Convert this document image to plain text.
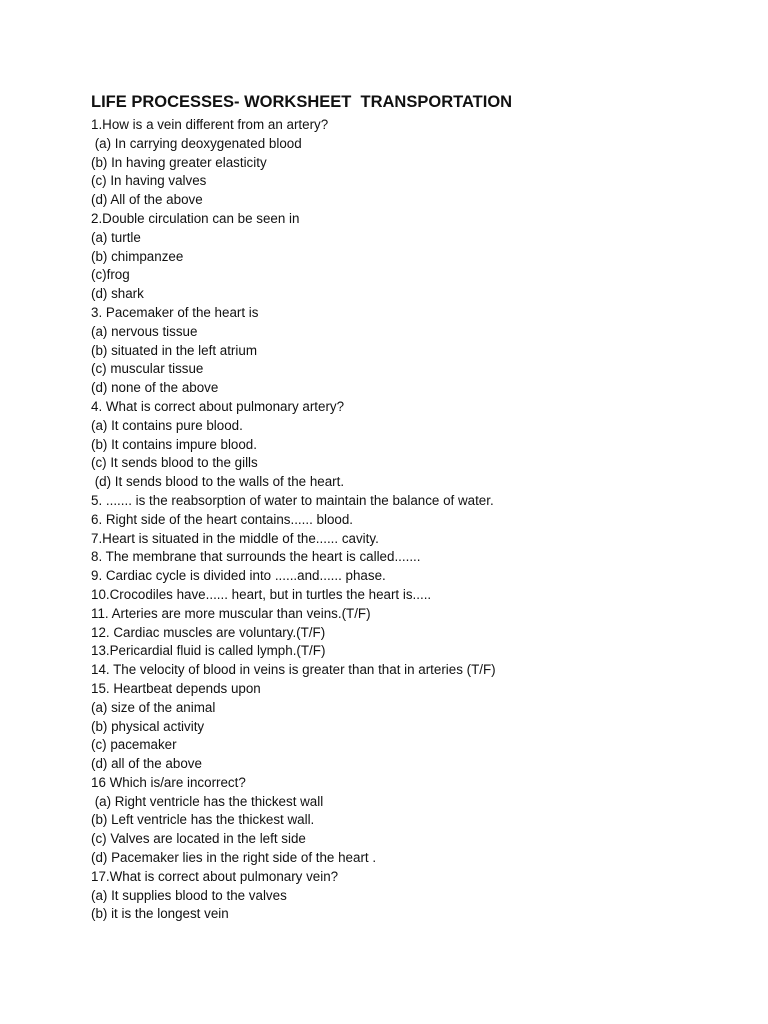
LIFE PROCESSES- WORKSHEET  TRANSPORTATION
1.How is a vein different from an artery?
(a) In carrying deoxygenated blood
(b) In having greater elasticity
(c) In having valves
(d) All of the above
2.Double circulation can be seen in
(a) turtle
(b) chimpanzee
(c)frog
(d) shark
3. Pacemaker of the heart is
(a) nervous tissue
(b) situated in the left atrium
(c) muscular tissue
(d) none of the above
4. What is correct about pulmonary artery?
(a) It contains pure blood.
(b) It contains impure blood.
(c) It sends blood to the gills
(d) It sends blood to the walls of the heart.
5. ....... is the reabsorption of water to maintain the balance of water.
6. Right side of the heart contains...... blood.
7.Heart is situated in the middle of the...... cavity.
8. The membrane that surrounds the heart is called.......
9. Cardiac cycle is divided into ......and...... phase.
10.Crocodiles have...... heart, but in turtles the heart is.....
11. Arteries are more muscular than veins.(T/F)
12. Cardiac muscles are voluntary.(T/F)
13.Pericardial fluid is called lymph.(T/F)
14. The velocity of blood in veins is greater than that in arteries (T/F)
15. Heartbeat depends upon
(a) size of the animal
(b) physical activity
(c) pacemaker
(d) all of the above
16 Which is/are incorrect?
(a) Right ventricle has the thickest wall
(b) Left ventricle has the thickest wall.
(c) Valves are located in the left side
(d) Pacemaker lies in the right side of the heart .
17.What is correct about pulmonary vein?
(a) It supplies blood to the valves
(b) it is the longest vein
